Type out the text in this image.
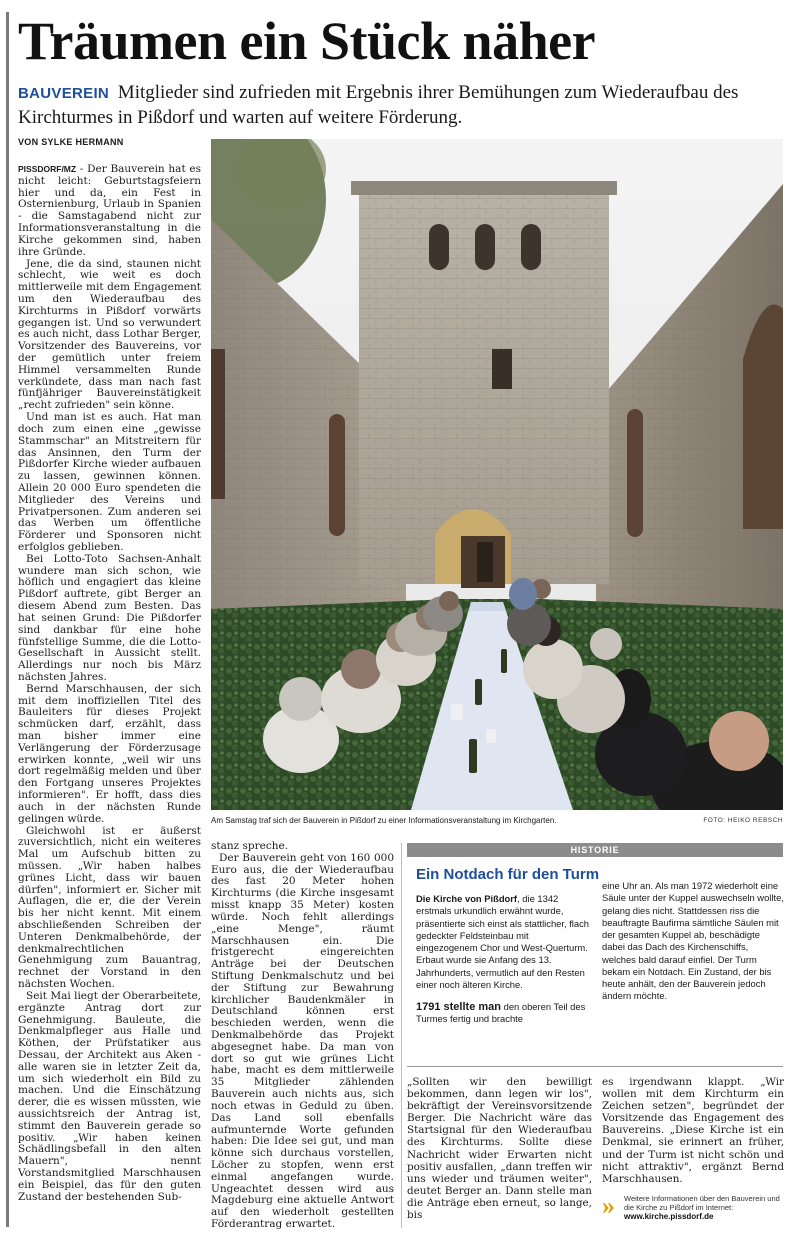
Träumen ein Stück näher
BAUVEREIN Mitglieder sind zufrieden mit Ergebnis ihrer Bemühungen zum Wiederaufbau des Kirchturmes in Pißdorf und warten auf weitere Förderung.
VON SYLKE HERMANN

PISSDORF/MZ - Der Bauverein hat es nicht leicht: Geburtstagsfeiern hier und da, ein Fest in Osternienburg, Urlaub in Spanien - die Samstagabend nicht zur Informationsveranstaltung in die Kirche gekommen sind, haben ihre Gründe.

Jene, die da sind, staunen nicht schlecht, wie weit es doch mittlerweile mit dem Engagement um den Wiederaufbau des Kirchturms in Pißdorf vorwärts gegangen ist. Und so verwundert es auch nicht, dass Lothar Berger, Vorsitzender des Bauvereins, vor der gemütlich unter freiem Himmel versammelten Runde verkündete, dass man nach fast fünfjähriger Bauvereinstätigkeit „recht zufrieden" sein könne.

Und man ist es auch. Hat man doch zum einen eine „gewisse Stammschar" an Mitstreitern für das Ansinnen, den Turm der Pißdorfer Kirche wieder aufbauen zu lassen, gewinnen können. Allein 20 000 Euro spendeten die Mitglieder des Vereins und Privatpersonen. Zum anderen sei das Werben um öffentliche Förderer und Sponsoren nicht erfolglos geblieben.

Bei Lotto-Toto Sachsen-Anhalt wundere man sich schon, wie höflich und engagiert das kleine Pißdorf auftrete, gibt Berger an diesem Abend zum Besten. Das hat seinen Grund: Die Pißdorfer sind dankbar für eine hohe fünfstellige Summe, die die Lotto-Gesellschaft in Aussicht stellt. Allerdings nur noch bis März nächsten Jahres.

Bernd Marschhausen, der sich mit dem inoffiziellen Titel des Bauleiters für dieses Projekt schmücken darf, erzählt, dass man bisher immer eine Verlängerung der Förderzusage erwirken konnte, „weil wir uns dort regelmäßig melden und über den Fortgang unseres Projektes informieren". Er hofft, dass dies auch in der nächsten Runde gelingen würde.

Gleichwohl ist er äußerst zuversichtlich, nicht ein weiteres Mal um Aufschub bitten zu müssen. „Wir haben halbes grünes Licht, dass wir bauen dürfen", informiert er. Sicher mit Auflagen, die er, die der Verein bis her nicht kennt. Mit einem abschließenden Schreiben der Unteren Denkmalbehörde, der denkmalrechtlichen Genehmigung zum Bauantrag, rechnet der Vorstand in den nächsten Wochen.

Seit Mai liegt der Oberarbeitete, ergänzte Antrag dort zur Genehmigung. Bauleute, die Denkmalpfleger aus Halle und Köthen, der Prüfstatiker aus Dessau, der Architekt aus Aken - alle waren sie in letzter Zeit da, um sich wiederholt ein Bild zu machen. Und die Einschätzung derer, die es wissen müssten, wie aussichtsreich der Antrag ist, stimmt den Bauverein gerade so positiv. „Wir haben keinen Schädlingsbefall in den alten Mauern", nennt Vorstandsmitglied Marschhausen ein Beispiel, das für den guten Zustand der bestehenden Sub-

Am Samstag traf sich der Bauverein in Pißdorf zu einer Informationsveranstaltung im Kirchgarten.	FOTO: HEIKO REBSCH

stanz spreche.

Der Bauverein geht von 160 000 Euro aus, die der Wiederaufbau des fast 20 Meter hohen Kirchturms (die Kirche insgesamt misst knapp 35 Meter) kosten würde. Noch fehlt allerdings „eine Menge", räumt Marschhausen ein. Die fristgerecht eingereichten Anträge bei der Deutschen Stiftung Denkmalschutz und bei der Stiftung zur Bewahrung kirchlicher Baudenkmäler in Deutschland können erst beschieden werden, wenn die Denkmalbehörde das Projekt abgesegnet habe. Da man von dort so gut wie grünes Licht habe, macht es dem mittlerweile 35 Mitglieder zählenden Bauverein auch nichts aus, sich noch etwas in Geduld zu üben. Das Land soll ebenfalls aufmunternde Worte gefunden haben: Die Idee sei gut, und man könne sich durchaus vorstellen, Löcher zu stopfen, wenn erst einmal angefangen wurde. Ungeachtet dessen wird aus Magdeburg eine aktuelle Antwort auf den wiederholt gestellten Förderantrag erwartet.

HISTORIE
Ein Notdach für den Turm

Die Kirche von Pißdorf, die 1342 erstmals urkundlich erwähnt wurde, präsentierte sich einst als stattlicher, flach gedeckter Feldsteinbau mit eingezogenem Chor und West-Querturm. Erbaut wurde sie Anfang des 13. Jahrhunderts, vermutlich auf den Resten einer noch älteren Kirche.

1791 stellte man den oberen Teil des Turmes fertig und brachte

eine Uhr an. Als man 1972 wiederholt eine Säule unter der Kuppel auswechseln wollte, gelang dies nicht. Stattdessen riss die beauftragte Baufirma sämtliche Säulen mit der gesamten Kuppel ab, beschädigte dabei das Dach des Kirchenschiffs, welches bald darauf einfiel. Der Turm bekam ein Notdach. Ein Zustand, der bis heute anhält, den der Bauverein jedoch ändern möchte.

„Sollten wir den bewilligt bekommen, dann legen wir los", bekräftigt der Vereinsvorsitzende Berger. Die Nachricht wäre das Startsignal für den Wiederaufbau des Kirchturms. Sollte diese Nachricht wider Erwarten nicht positiv ausfallen, „dann treffen wir uns wieder und träumen weiter", deutet Berger an. Dann stelle man die Anträge eben erneut, so lange, bis

es irgendwann klappt. „Wir wollen mit dem Kirchturm ein Zeichen setzen", begründet der Vorsitzende das Engagement des Bauvereins. „Diese Kirche ist ein Denkmal, sie erinnert an früher, und der Turm ist nicht schön und nicht attraktiv", ergänzt Bernd Marschhausen.

» Weitere Informationen über den Bauverein und die Kirche zu Pißdorf im Internet: www.kirche.pissdorf.de
